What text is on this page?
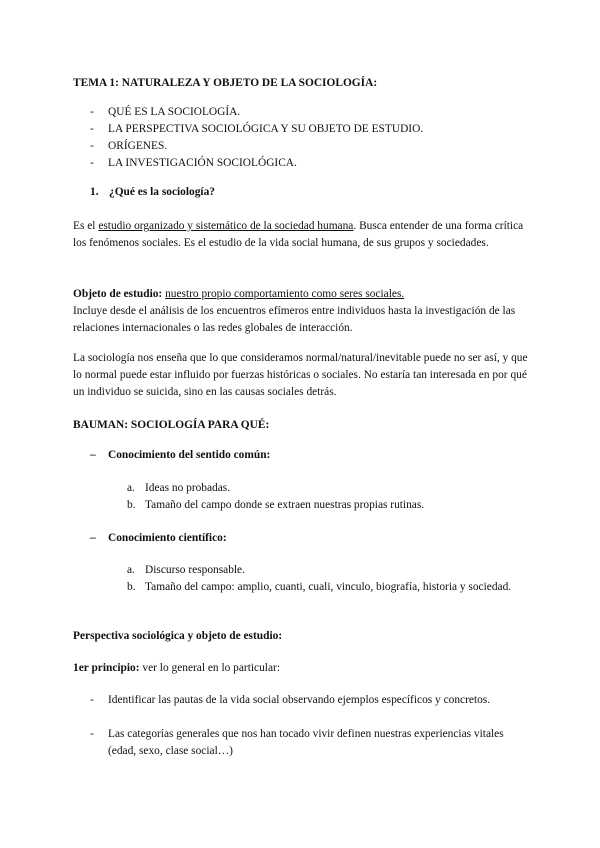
TEMA 1: NATURALEZA Y OBJETO DE LA SOCIOLOGÍA:
- QUÉ ES LA SOCIOLOGÍA.
- LA PERSPECTIVA SOCIOLÓGICA Y SU OBJETO DE ESTUDIO.
- ORÍGENES.
- LA INVESTIGACIÓN SOCIOLÓGICA.
1. ¿Qué es la sociología?
Es el estudio organizado y sistemático de la sociedad humana. Busca entender de una forma crítica los fenómenos sociales. Es el estudio de la vida social humana, de sus grupos y sociedades.
Objeto de estudio: nuestro propio comportamiento como seres sociales.
Incluye desde el análisis de los encuentros efímeros entre individuos hasta la investigación de las relaciones internacionales o las redes globales de interacción.
La sociología nos enseña que lo que consideramos normal/natural/inevitable puede no ser así, y que lo normal puede estar influido por fuerzas históricas o sociales. No estaría tan interesada en por qué un individuo se suicida, sino en las causas sociales detrás.
BAUMAN: SOCIOLOGÍA PARA QUÉ:
– Conocimiento del sentido común:
a. Ideas no probadas.
b. Tamaño del campo donde se extraen nuestras propias rutinas.
– Conocimiento científico:
a. Discurso responsable.
b. Tamaño del campo: amplio, cuanti, cuali, vinculo, biografía, historia y sociedad.
Perspectiva sociológica y objeto de estudio:
1er principio: ver lo general en lo particular:
- Identificar las pautas de la vida social observando ejemplos específicos y concretos.
- Las categorías generales que nos han tocado vivir definen nuestras experiencias vitales (edad, sexo, clase social…)
